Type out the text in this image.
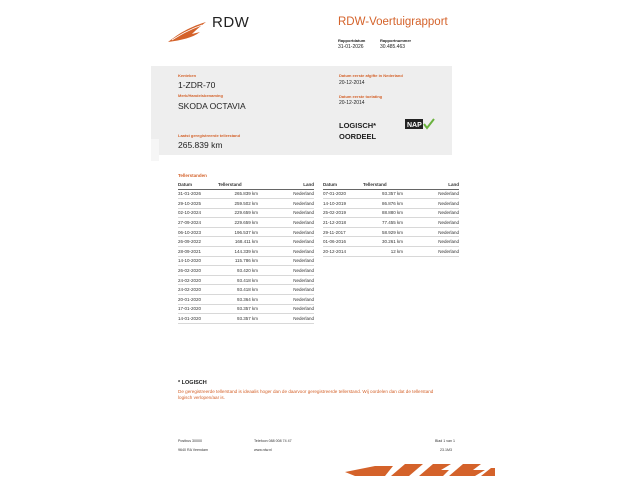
RDW	RDW-Voertuigrapport
Rapportdatum
31-01-2026
Rapportnummer
30.485.463
Kenteken
1-ZDR-70
Merk/Handelsbenaming
SKODA OCTAVIA
Laatst geregistreerde tellerstand
265.839 km
Datum eerste afgifte in Nederland
20-12-2014
Datum eerste toelating
20-12-2014
LOGISCH*
OORDEEL
NAP
Tellerstanden
Datum	Tellerstand	Land
31-01-2026	265.839 km	Nederland
29-10-2025	259.502 km	Nederland
02-10-2024	229.659 km	Nederland
27-09-2024	229.659 km	Nederland
06-10-2023	196.537 km	Nederland
26-09-2022	168.411 km	Nederland
28-09-2021	144.339 km	Nederland
14-10-2020	115.786 km	Nederland
26-02-2020	93.420 km	Nederland
24-02-2020	93.418 km	Nederland
24-02-2020	93.418 km	Nederland
20-01-2020	93.364 km	Nederland
17-01-2020	93.357 km	Nederland
14-01-2020	93.357 km	Nederland
Datum	Tellerstand	Land
07-01-2020	93.357 km	Nederland
14-10-2019	86.876 km	Nederland
25-02-2019	88.880 km	Nederland
21-12-2018	77.455 km	Nederland
29-11-2017	58.929 km	Nederland
01-06-2016	30.261 km	Nederland
20-12-2014	12 km	Nederland
* LOGISCH
De geregistreerde tellerstand is ideaalis hoger dan de daarvoor geregistreerde tellerstand. Wij oordelen dan dat de tellerstand logisch verlopen/aar is.
Postbus 30000
9640 RA Veendam
Telefoon 088 008 74 47
www.rdw.nl
Blad 1 van 1
23.1M3
